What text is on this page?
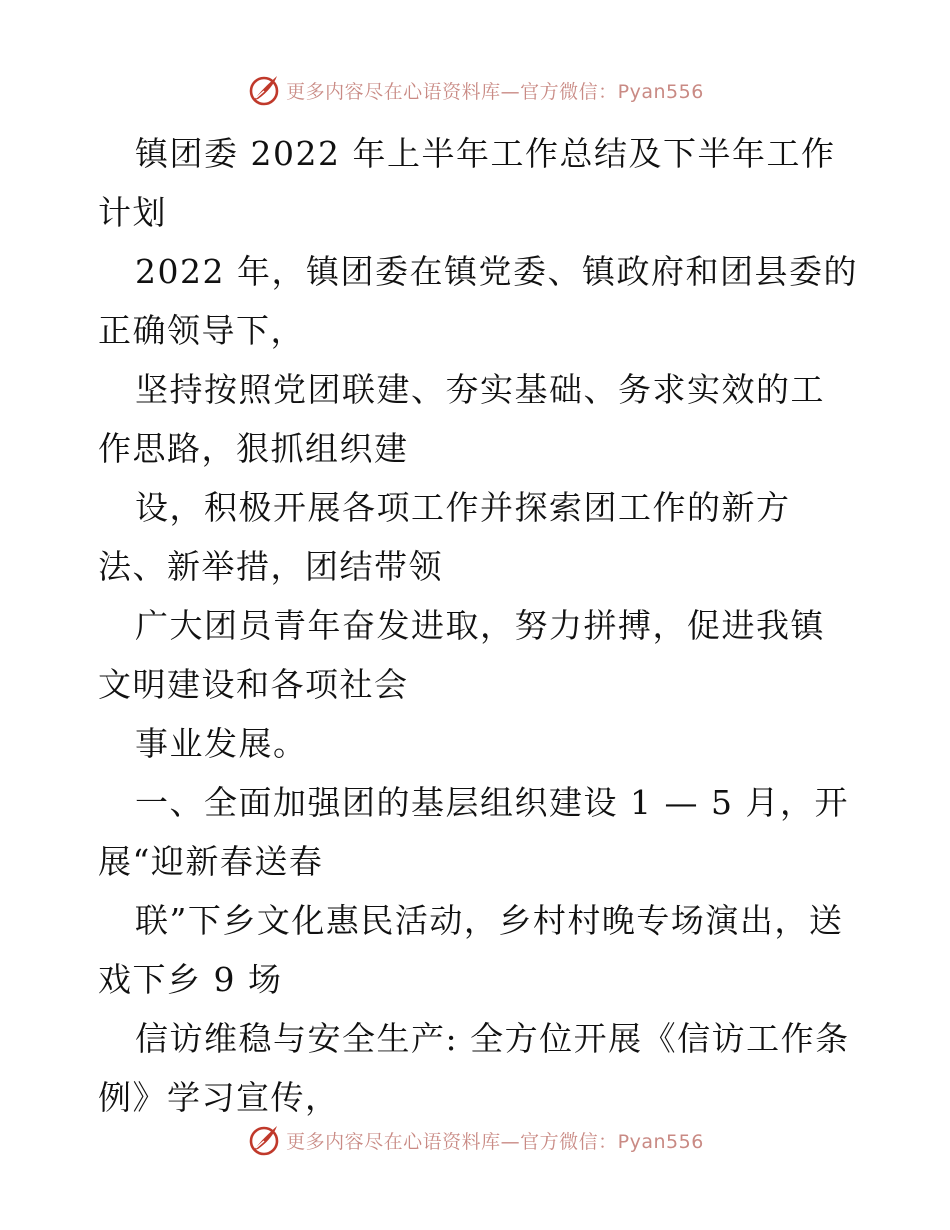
更多内容尽在心语资料库—官方微信：Pyan556

镇团委 2022 年上半年工作总结及下半年工作计划

2022 年，镇团委在镇党委、镇政府和团县委的正确领导下，

坚持按照党团联建、夯实基础、务求实效的工作思路，狠抓组织建

设，积极开展各项工作并探索团工作的新方法、新举措，团结带领

广大团员青年奋发进取，努力拼搏，促进我镇文明建设和各项社会

事业发展。

一、全面加强团的基层组织建设 1 — 5 月，开展“迎新春送春

联”下乡文化惠民活动，乡村村晚专场演出，送戏下乡 9 场

信访维稳与安全生产: 全方位开展《信访工作条例》学习宣传，

更多内容尽在心语资料库—官方微信：Pyan556
